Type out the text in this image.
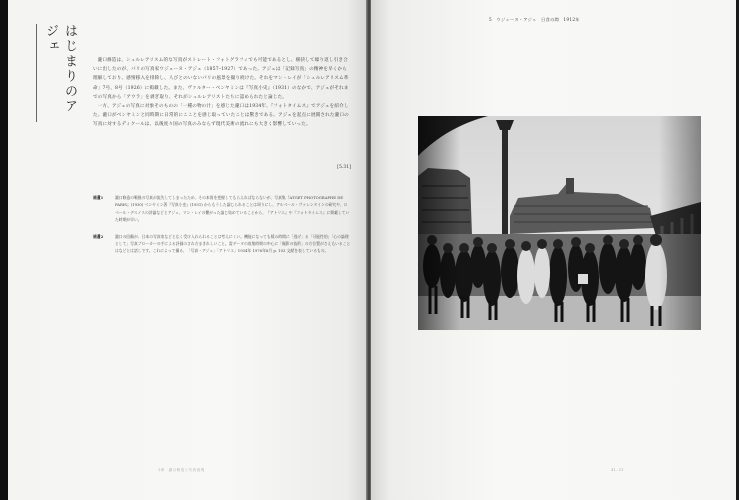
はじまりのアジェ

瀧口修造は、シュルレアリスム的な写真がストレート・フォトグラフィでも可能であるとし、剔抉して繰り返し引き合いに出したのが、パリの写真家ウジェーヌ・アジェ（1857–1927）であった。アジェは「記録写真」の精神を早くから理解しており、感情移入を排除し、人びとのいないパリの風景を撮り続けた。それをマン・レイが「シュルレアリスム革命」7号、8号（1926）に掲載した。また、ヴァルター・ベンヤミンは『写真小史』（1931）のなかで、アジェがそれまでの写真から「アウラ」を剥ぎ取り、それがシュルレアリストたちに認められたと論じた。

一方、アジェの写真に対象そのものの「一種の物の汁」を感じた瀧口は1934年、『フォトタイムス』でアジェを紹介した。瀧口がベンヤミンと同時期に日常的にこことを感じ取っていたことは驚きである。アジェを起点に展開された瀧口の写真に対するディクールは、以後度々国の写真のみならず現代美術の流れにも大きく影響していった。

[5.31]
補遺1	瀧口修造の戦後の写真が流失してしまったため、その本質を把握してもらえればならないが、写真集『ATGET PHOTOGRAPHE DE PARIS』(1930) ベンヤミン著『写真小史』(1931) からもうした論じられることは周りにし、アルベール・ヴァレンタインの研究や、ロベール・デスノスの評論などとアジェ、マン・レイの繋がった論じ始めていることから、『アトリエ』や『フォトタイムス』に掲載していた時期が早い。
補遺2	瀧口の回顧が、日本の写真家などと広く受け入れられることは考えにくい。機能になっても積み時間に「逃げ」る「可能性的」「心の論理として」写真ブローカーの手による評価のされ方まきれしいこと。當データの収集時期の中心に「撮影の技術」の方位置がさえもいることはなどとは話しです。これによって撮る、「写真・アジェ」「アトリエ」1934年 1976年8月 p. 103 文献を表しているもの。
1章　瀧口修造と写真表現
5　ウジェーヌ・アジェ　日食の間　1912年
41–51
